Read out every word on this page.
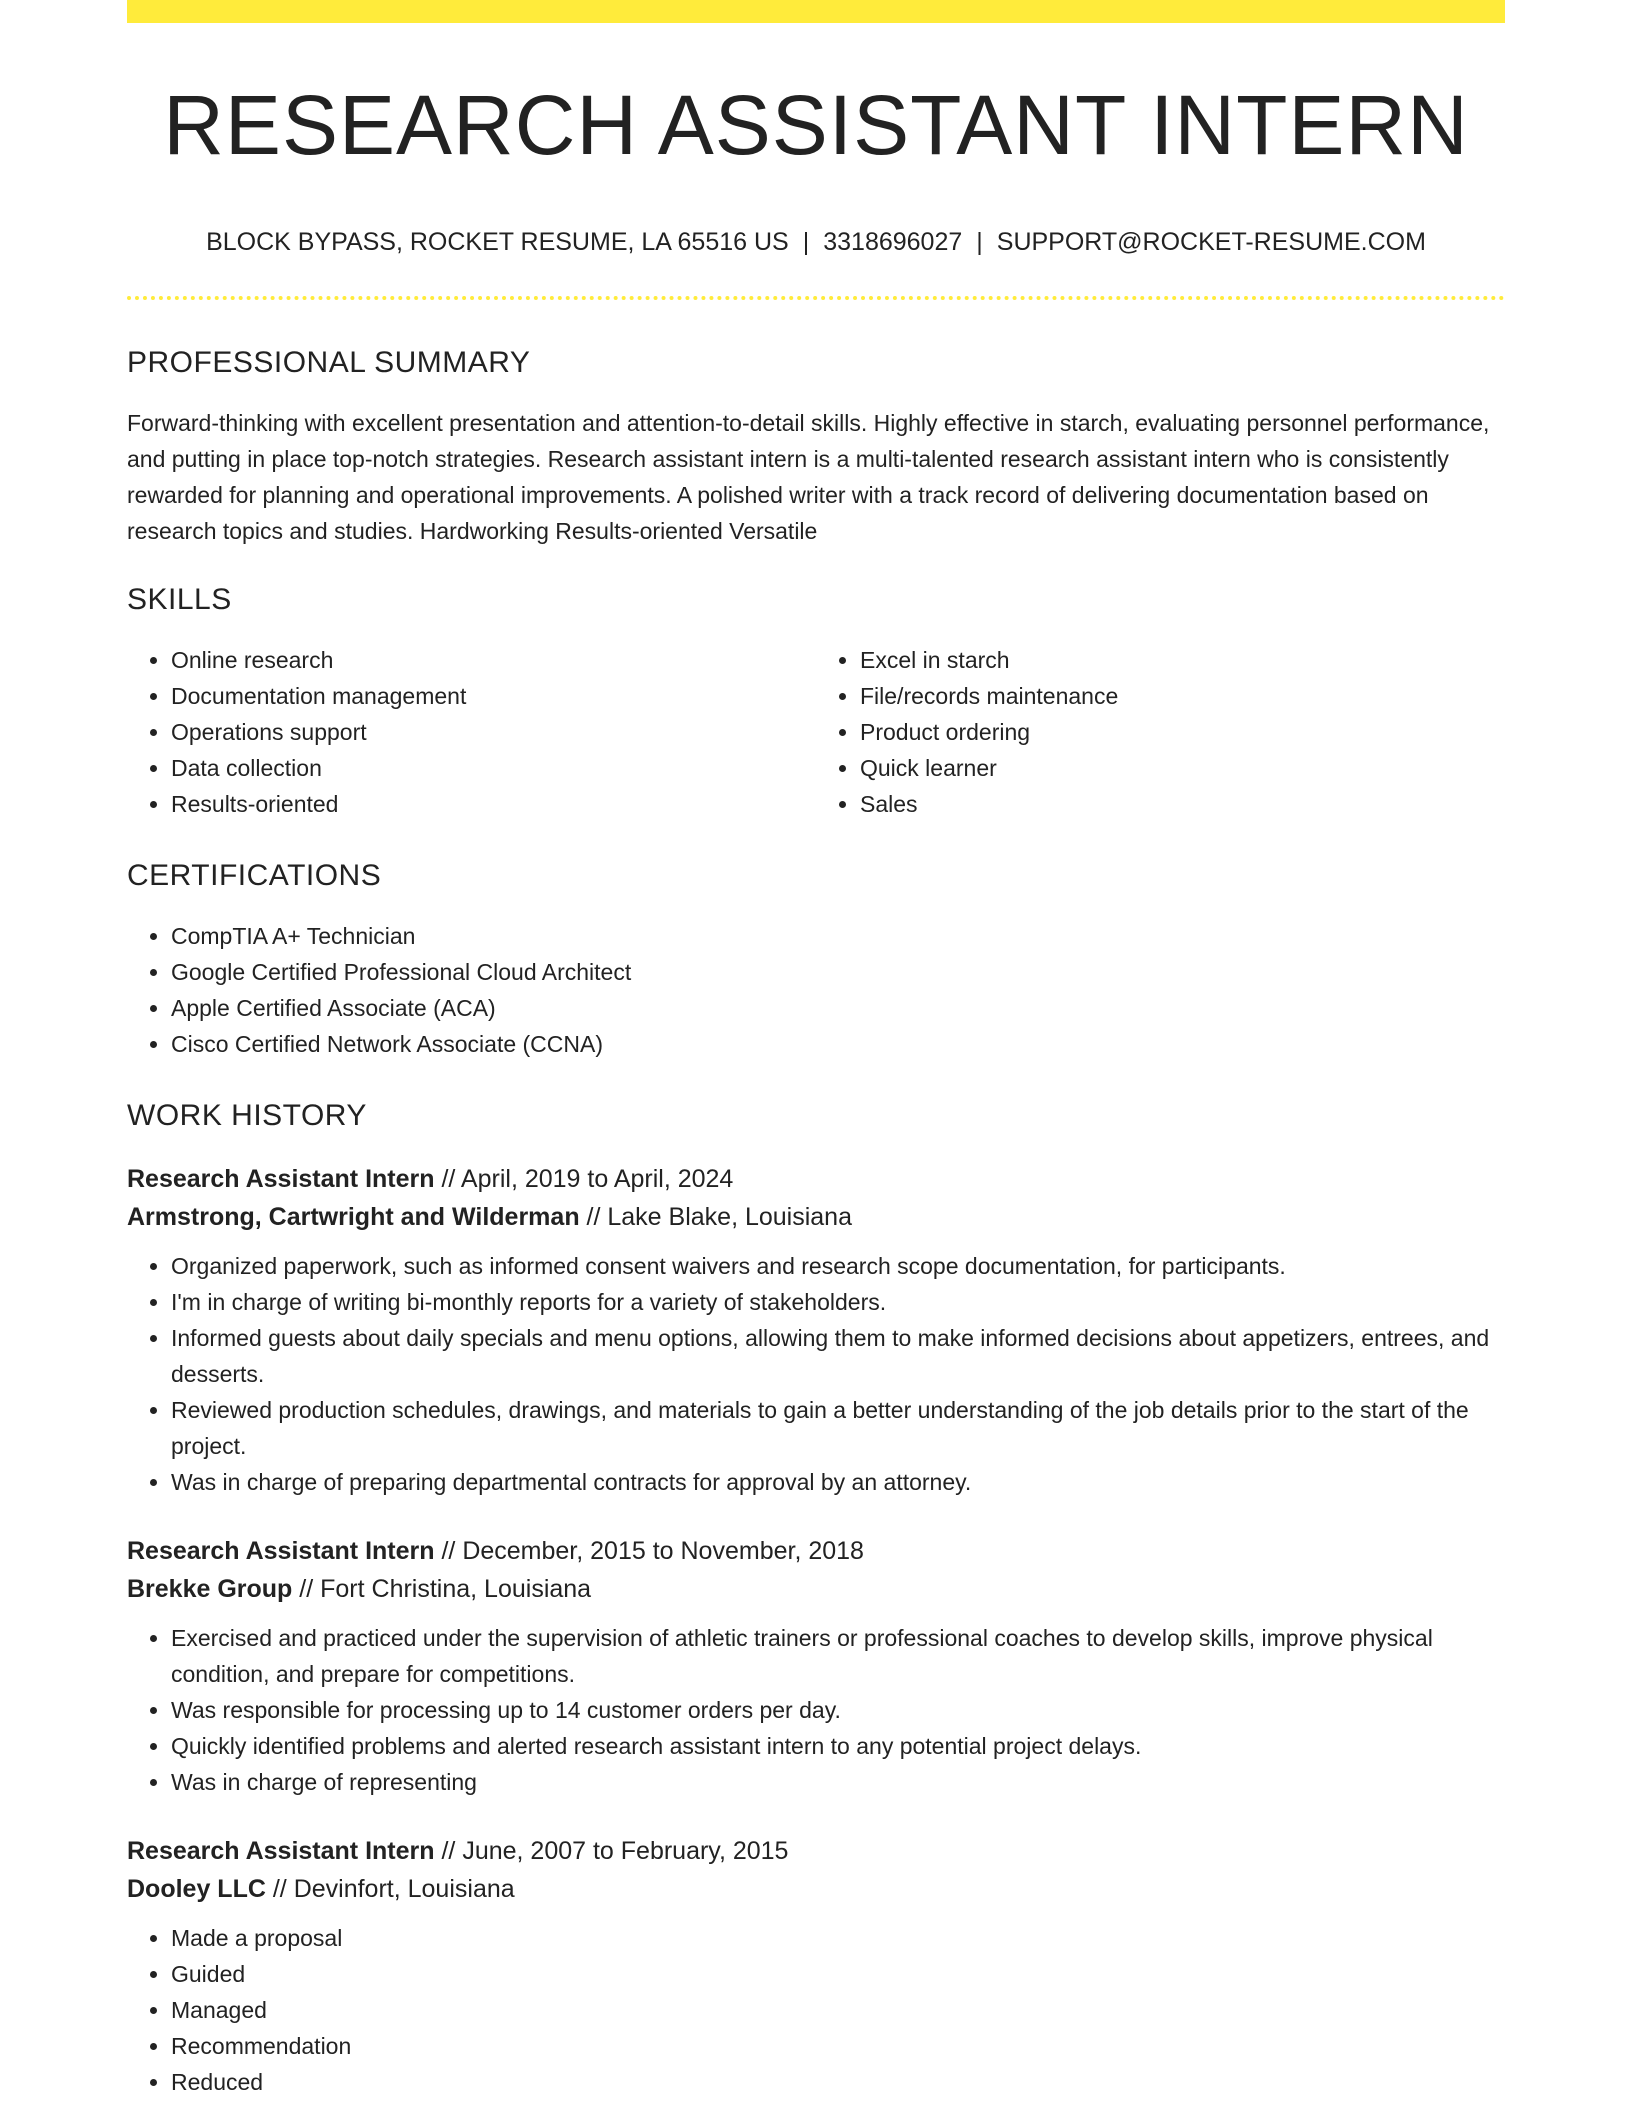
RESEARCH ASSISTANT INTERN
BLOCK BYPASS, ROCKET RESUME, LA 65516 US | 3318696027 | SUPPORT@ROCKET-RESUME.COM
PROFESSIONAL SUMMARY

Forward-thinking with excellent presentation and attention-to-detail skills. Highly effective in starch, evaluating personnel performance, and putting in place top-notch strategies. Research assistant intern is a multi-talented research assistant intern who is consistently rewarded for planning and operational improvements. A polished writer with a track record of delivering documentation based on research topics and studies. Hardworking Results-oriented Versatile

SKILLS
• Online research
• Documentation management
• Operations support
• Data collection
• Results-oriented
• Excel in starch
• File/records maintenance
• Product ordering
• Quick learner
• Sales
CERTIFICATIONS
• CompTIA A+ Technician
• Google Certified Professional Cloud Architect
• Apple Certified Associate (ACA)
• Cisco Certified Network Associate (CCNA)
WORK HISTORY
Research Assistant Intern // April, 2019 to April, 2024
Armstrong, Cartwright and Wilderman // Lake Blake, Louisiana
• Organized paperwork, such as informed consent waivers and research scope documentation, for participants.
• I'm in charge of writing bi-monthly reports for a variety of stakeholders.
• Informed guests about daily specials and menu options, allowing them to make informed decisions about appetizers, entrees, and desserts.
• Reviewed production schedules, drawings, and materials to gain a better understanding of the job details prior to the start of the project.
• Was in charge of preparing departmental contracts for approval by an attorney.
Research Assistant Intern // December, 2015 to November, 2018
Brekke Group // Fort Christina, Louisiana
• Exercised and practiced under the supervision of athletic trainers or professional coaches to develop skills, improve physical condition, and prepare for competitions.
• Was responsible for processing up to 14 customer orders per day.
• Quickly identified problems and alerted research assistant intern to any potential project delays.
• Was in charge of representing
Research Assistant Intern // June, 2007 to February, 2015
Dooley LLC // Devinfort, Louisiana
• Made a proposal
• Guided
• Managed
• Recommendation
• Reduced
